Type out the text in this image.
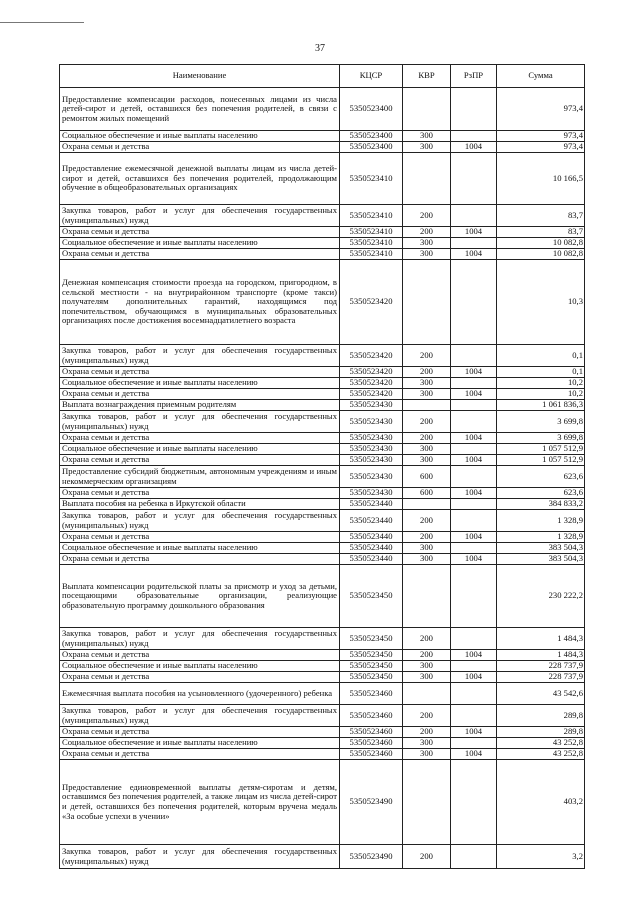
37
Наименование	КЦСР	КВР	РзПР	Сумма
Предоставление компенсации расходов, понесенных лицами из числа детей-сирот и детей, оставшихся без попечения родителей, в связи с ремонтом жилых помещений	5350523400			973,4
Социальное обеспечение и иные выплаты населению	5350523400	300		973,4
Охрана семьи и детства	5350523400	300	1004	973,4
Предоставление ежемесячной денежной выплаты лицам из числа детей-сирот и детей, оставшихся без попечения родителей, продолжающим обучение в общеобразовательных организациях	5350523410			10 166,5
Закупка товаров, работ и услуг для обеспечения государственных (муниципальных) нужд	5350523410	200		83,7
Охрана семьи и детства	5350523410	200	1004	83,7
Социальное обеспечение и иные выплаты населению	5350523410	300		10 082,8
Охрана семьи и детства	5350523410	300	1004	10 082,8
Денежная компенсация стоимости проезда на городском, пригородном, в сельской местности - на внутрирайонном транспорте (кроме такси) получателям дополнительных гарантий, находящимся под попечительством, обучающимся в муниципальных образовательных организациях после достижения восемнадцатилетнего возраста	5350523420			10,3
Закупка товаров, работ и услуг для обеспечения государственных (муниципальных) нужд	5350523420	200		0,1
Охрана семьи и детства	5350523420	200	1004	0,1
Социальное обеспечение и иные выплаты населению	5350523420	300		10,2
Охрана семьи и детства	5350523420	300	1004	10,2
Выплата вознаграждения приемным родителям	5350523430			1 061 836,3
Закупка товаров, работ и услуг для обеспечения государственных (муниципальных) нужд	5350523430	200		3 699,8
Охрана семьи и детства	5350523430	200	1004	3 699,8
Социальное обеспечение и иные выплаты населению	5350523430	300		1 057 512,9
Охрана семьи и детства	5350523430	300	1004	1 057 512,9
Предоставление субсидий бюджетным, автономным учреждениям и иным некоммерческим организациям	5350523430	600		623,6
Охрана семьи и детства	5350523430	600	1004	623,6
Выплата пособия на ребенка в Иркутской области	5350523440			384 833,2
Закупка товаров, работ и услуг для обеспечения государственных (муниципальных) нужд	5350523440	200		1 328,9
Охрана семьи и детства	5350523440	200	1004	1 328,9
Социальное обеспечение и иные выплаты населению	5350523440	300		383 504,3
Охрана семьи и детства	5350523440	300	1004	383 504,3
Выплата компенсации родительской платы за присмотр и уход за детьми, посещающими образовательные организации, реализующие образовательную программу дошкольного образования	5350523450			230 222,2
Закупка товаров, работ и услуг для обеспечения государственных (муниципальных) нужд	5350523450	200		1 484,3
Охрана семьи и детства	5350523450	200	1004	1 484,3
Социальное обеспечение и иные выплаты населению	5350523450	300		228 737,9
Охрана семьи и детства	5350523450	300	1004	228 737,9
Ежемесячная выплата пособия на усыновленного (удочеренного) ребенка	5350523460			43 542,6
Закупка товаров, работ и услуг для обеспечения государственных (муниципальных) нужд	5350523460	200		289,8
Охрана семьи и детства	5350523460	200	1004	289,8
Социальное обеспечение и иные выплаты населению	5350523460	300		43 252,8
Охрана семьи и детства	5350523460	300	1004	43 252,8
Предоставление единовременной выплаты детям-сиротам и детям, оставшимся без попечения родителей, а также лицам из числа детей-сирот и детей, оставшихся без попечения родителей, которым вручена медаль «За особые успехи в учении»	5350523490			403,2
Закупка товаров, работ и услуг для обеспечения государственных (муниципальных) нужд	5350523490	200		3,2
